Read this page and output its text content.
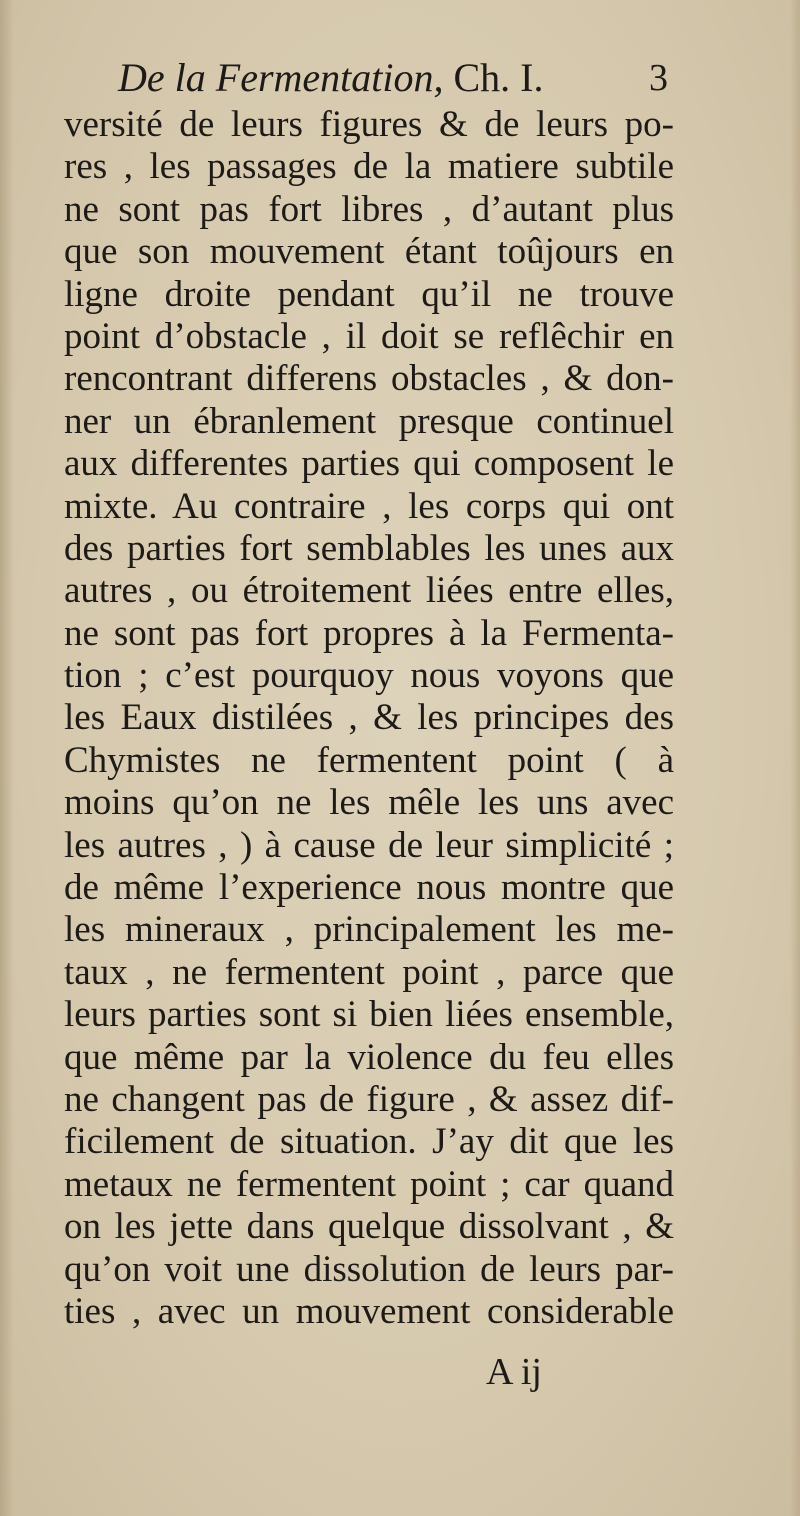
De la Fermentation, Ch. I.	3
versité de leurs figures & de leurs po-
res , les passages de la matiere subtile
ne sont pas fort libres , d’autant plus
que son mouvement étant toûjours en
ligne droite pendant qu’il ne trouve
point d’obstacle , il doit se reflêchir en
rencontrant differens obstacles , & don-
ner un ébranlement presque continuel
aux differentes parties qui composent le
mixte. Au contraire , les corps qui ont
des parties fort semblables les unes aux
autres , ou étroitement liées entre elles,
ne sont pas fort propres à la Fermenta-
tion ; c’est pourquoy nous voyons que
les Eaux distilées , & les principes des
Chymistes ne fermentent point ( à
moins qu’on ne les mêle les uns avec
les autres , ) à cause de leur simplicité ;
de même l’experience nous montre que
les mineraux , principalement les me-
taux , ne fermentent point , parce que
leurs parties sont si bien liées ensemble,
que même par la violence du feu elles
ne changent pas de figure , & assez dif-
ficilement de situation. J’ay dit que les
metaux ne fermentent point ; car quand
on les jette dans quelque dissolvant , &
qu’on voit une dissolution de leurs par-
ties , avec un mouvement considerable
A ij
